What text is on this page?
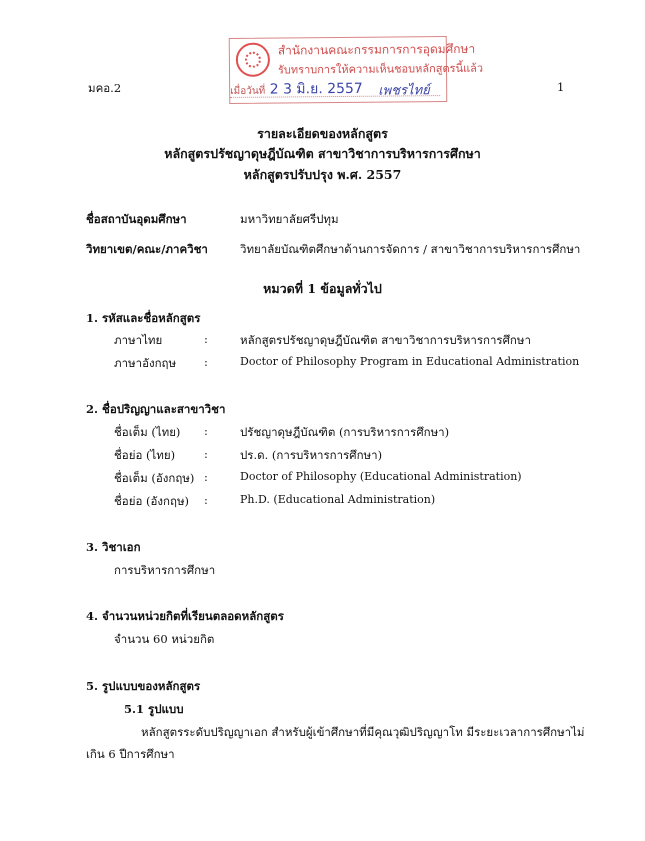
มคอ.2	1
สำนักงานคณะกรรมการการอุดมศึกษา
รับทราบการให้ความเห็นชอบหลักสูตรนี้แล้ว
เมื่อวันที่ 2 3 มิ.ย. 2557 เพชรไทย์
รายละเอียดของหลักสูตร
หลักสูตรปรัชญาดุษฎีบัณฑิต สาขาวิชาการบริหารการศึกษา
หลักสูตรปรับปรุง พ.ศ. 2557
ชื่อสถาบันอุดมศึกษา	มหาวิทยาลัยศรีปทุม
วิทยาเขต/คณะ/ภาควิชา	วิทยาลัยบัณฑิตศึกษาด้านการจัดการ / สาขาวิชาการบริหารการศึกษา
หมวดที่ 1 ข้อมูลทั่วไป
1. รหัสและชื่อหลักสูตร
ภาษาไทย	:	หลักสูตรปรัชญาดุษฎีบัณฑิต สาขาวิชาการบริหารการศึกษา
ภาษาอังกฤษ :	Doctor of Philosophy Program in Educational Administration
2. ชื่อปริญญาและสาขาวิชา
ชื่อเต็ม (ไทย) :	ปรัชญาดุษฎีบัณฑิต (การบริหารการศึกษา)
ชื่อย่อ (ไทย)	:	ปร.ด. (การบริหารการศึกษา)
ชื่อเต็ม (อังกฤษ) :	Doctor of Philosophy (Educational Administration)
ชื่อย่อ (อังกฤษ) :	Ph.D. (Educational Administration)
3. วิชาเอก
การบริหารการศึกษา
4. จำนวนหน่วยกิตที่เรียนตลอดหลักสูตร
จำนวน 60 หน่วยกิต
5. รูปแบบของหลักสูตร
5.1 รูปแบบ
หลักสูตรระดับปริญญาเอก สำหรับผู้เข้าศึกษาที่มีคุณวุฒิปริญญาโท มีระยะเวลาการศึกษาไม่
เกิน 6 ปีการศึกษา
